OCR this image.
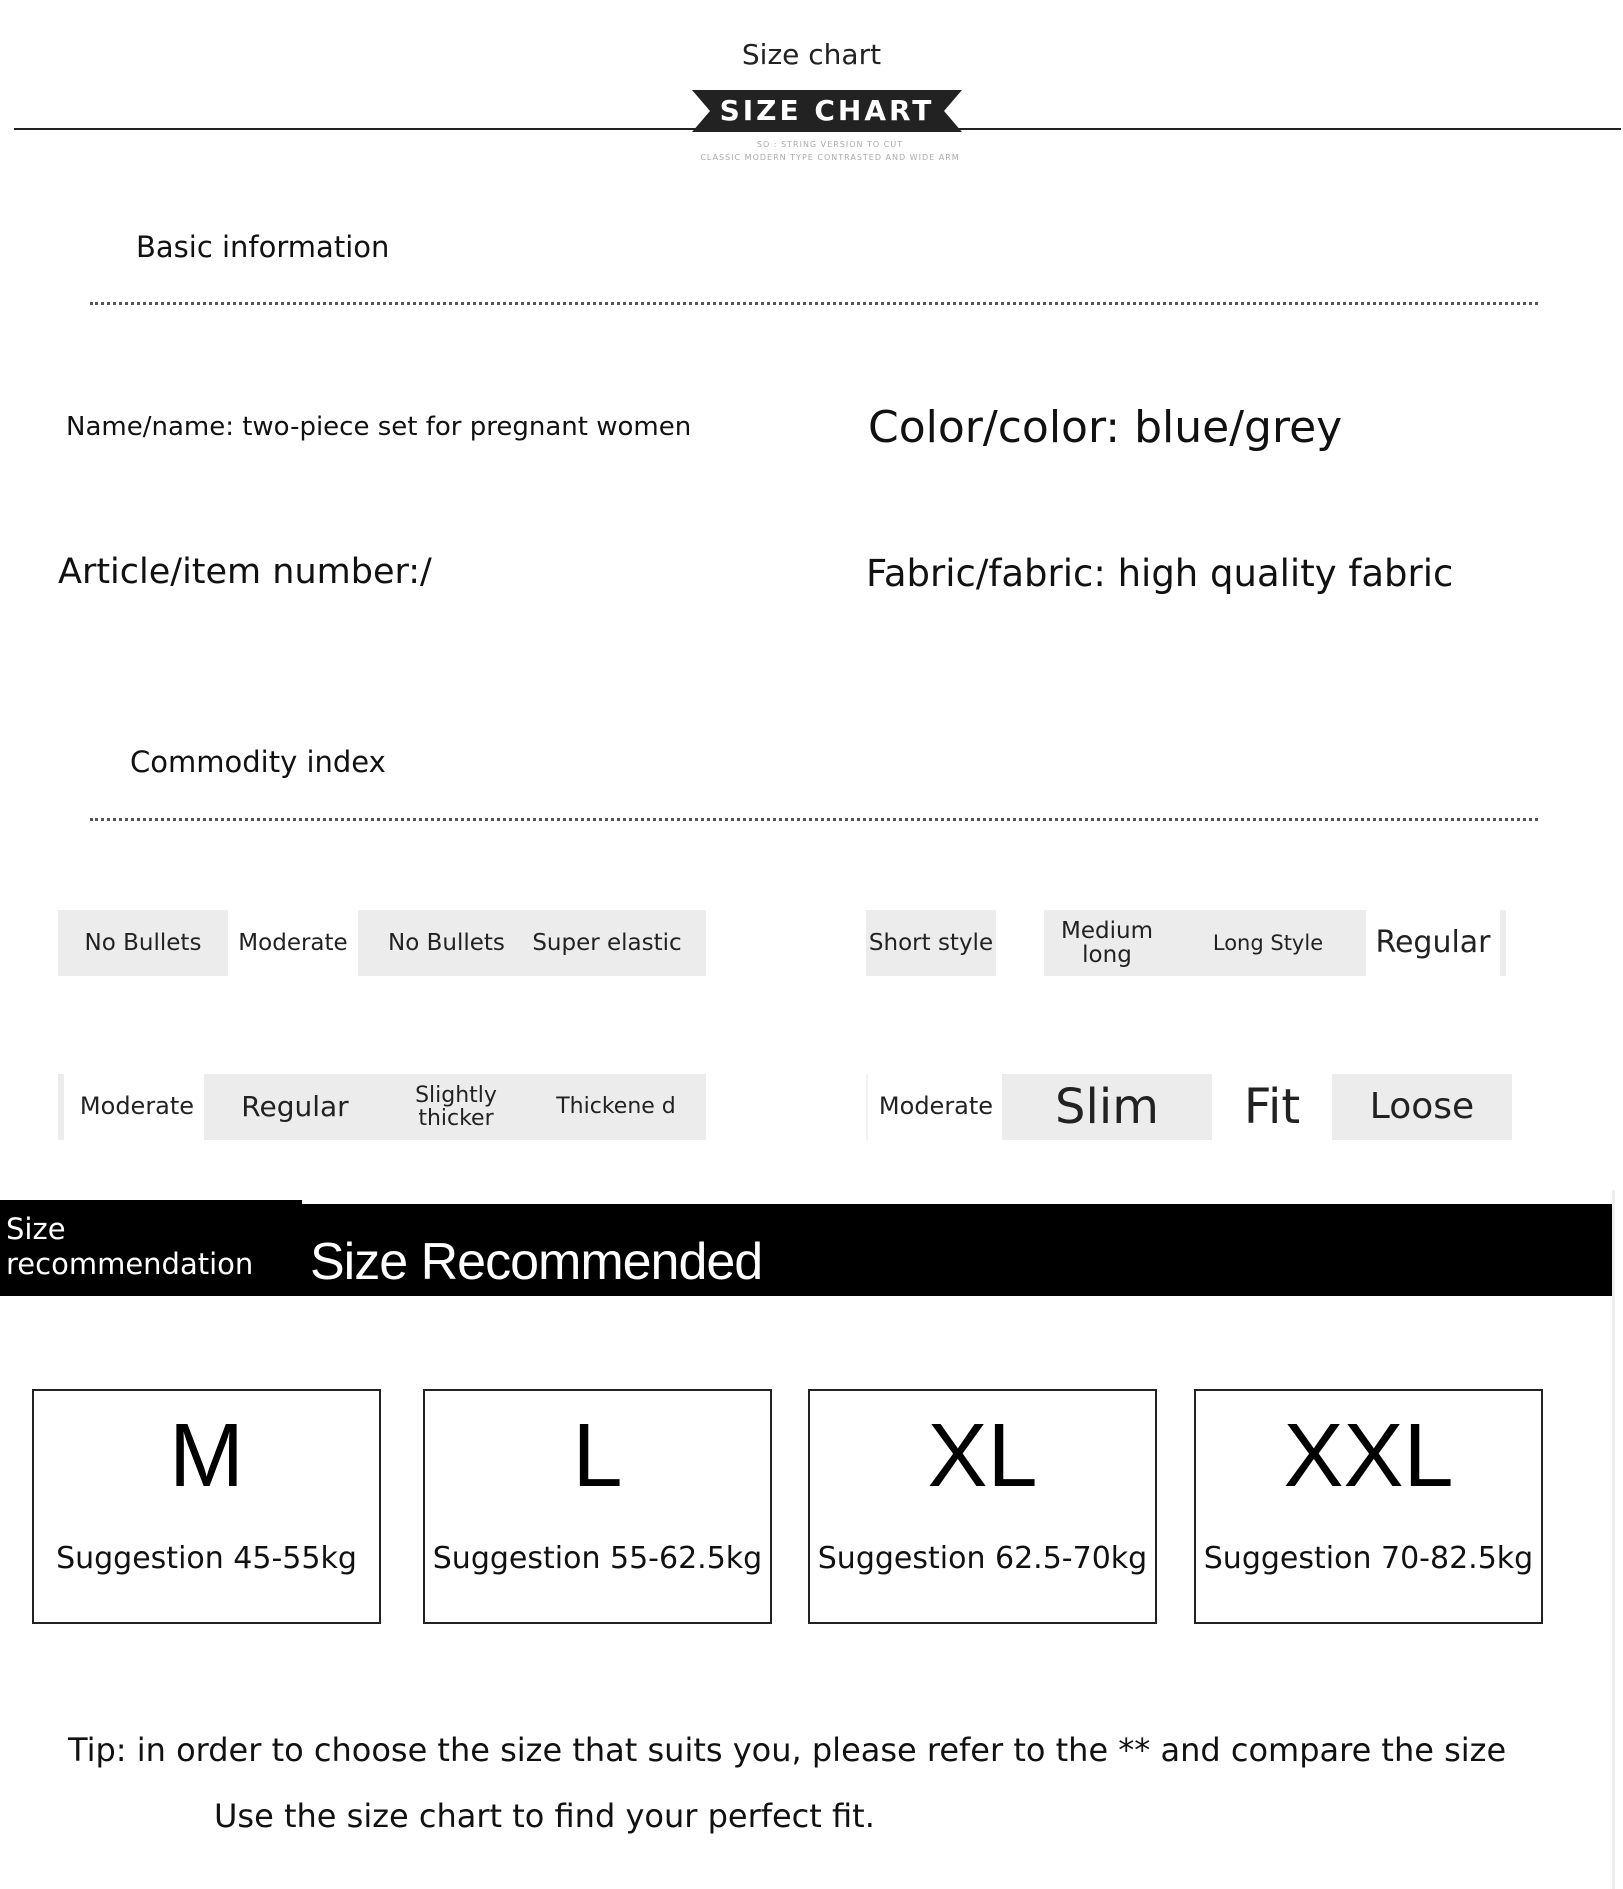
Size chart
SIZE CHART
SO : STRING VERSION TO CUT
CLASSIC MODERN TYPE CONTRASTED AND WIDE ARM
Basic information
Name/name: two-piece set for pregnant women	Color/color: blue/grey
Article/item number:/	Fabric/fabric: high quality fabric
Commodity index
No Bullets	Moderate	No Bullets	Super elastic	Short style	Medium long	Long Style	Regular
Moderate	Regular	Slightly thicker	Thickene d	Moderate	Slim	Fit	Loose
Size recommendation Size Recommended
M
Suggestion 45-55kg
L
Suggestion 55-62.5kg
XL
Suggestion 62.5-70kg
XXL
Suggestion 70-82.5kg
Tip: in order to choose the size that suits you, please refer to the ** and compare the size
Use the size chart to find your perfect fit.
